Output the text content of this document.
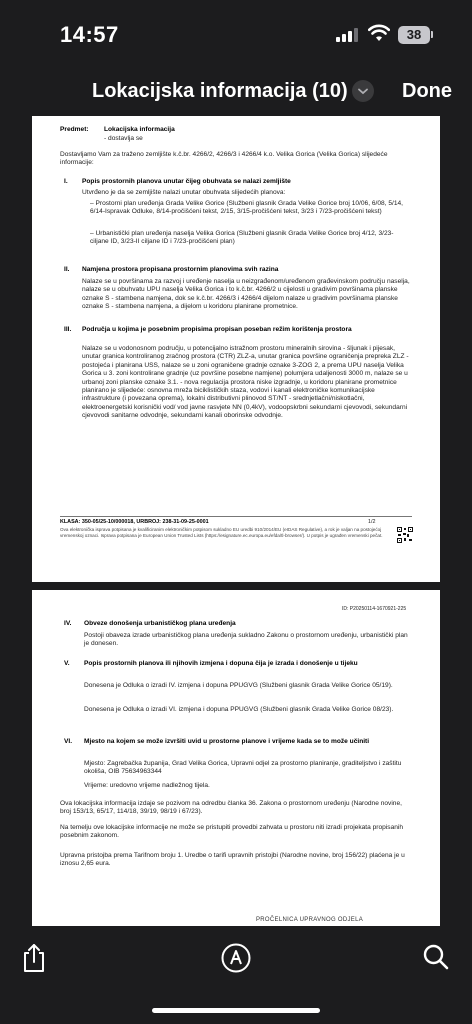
14:57	38
Lokacijska informacija (10)	Done
Predmet:	Lokacijska informacija
- dostavlja se
Dostavljamo Vam za traženo zemljište k.č.br. 4266/2, 4266/3 i 4266/4 k.o. Velika Gorica (Velika Gorica) slijedeće informacije:
I. Popis prostornih planova unutar čijeg obuhvata se nalazi zemljište
Utvrđeno je da se zemljište nalazi unutar obuhvata slijedećih planova:
– Prostorni plan uređenja Grada Velike Gorice (Službeni glasnik Grada Velike Gorice broj 10/06, 6/08, 5/14, 6/14-Ispravak Odluke, 8/14-pročišćeni tekst, 2/15, 3/15-pročišćeni tekst, 3/23 i 7/23-pročišćeni tekst)
– Urbanistički plan uređenja naselja Velika Gorica (Službeni glasnik Grada Velike Gorice broj 4/12, 3/23-ciljane ID, 3/23-II ciljane ID i 7/23-pročišćeni plan)
II. Namjena prostora propisana prostornim planovima svih razina
Nalaze se u površinama za razvoj i uređenje naselja u neizgrađenom/uređenom građevinskom području naselja, nalaze se u obuhvatu UPU naselja Velika Gorica i to k.č.br. 4266/2 u cijelosti u gradivim površinama planske oznake S - stambena namjena, dok se k.č.br. 4266/3 i 4266/4 dijelom nalaze u gradivim površinama planske oznake S - stambena namjena, a dijelom u koridoru planirane prometnice.
III. Područja u kojima je posebnim propisima propisan poseban režim korištenja prostora
Nalaze se u vodonosnom području, u potencijalno istražnom prostoru mineralnih sirovina - šljunak i pijesak, unutar granica kontroliranog zračnog prostora (CTR) ZLZ-a, unutar granica površine ograničenja prepreka ZLZ - postojeća i planirana USS, nalaze se u zoni ograničene gradnje oznake 3-ZOG 2, a prema UPU naselja Velika Gorica u 3. zoni kontrolirane gradnje (uz površine posebne namjene) polumjera udaljenosti 3000 m, nalaze se u urbanoj zoni planske oznake 3.1. - nova regulacija prostora niske izgradnje, u koridoru planirane prometnice planirano je slijedeće: osnovna mreža biciklističkih staza, vodovi i kanali elektroničke komunikacijske infrastrukture (i povezana oprema), lokalni distributivni plinovod ST/NT - srednjetlačni/niskotlačni, elektroenergetski korisnički vod/ vod javne rasvjete NN (0,4kV), vodoopskrbni sekundarni cjevovodi, sekundarni cjevovodi sanitarne odvodnje, sekundarni kanali oborinske odvodnje.
KLASA: 350-05/25-10/000018, URBROJ: 238-31-09-25-0001	1/2
Ova elektronička isprava potpisana je kvalificiranim elektroničkim potpisom sukladno EU uredbi 910/2014/EU (eIDAS Regulative), a rok je valjan na postojećoj vremenskoj oznaci. Isprava potpisana je European Union Trusted Lists (https://esignature.ec.europa.eu/efda/tl-browser/). U potpis je ugrađen vremenski pečat.
ID: P20250114-1670921-225
IV. Obveze donošenja urbanističkog plana uređenja
Postoji obaveza izrade urbanističkog plana uređenja sukladno Zakonu o prostornom uređenju, urbanistički plan je donesen.
V. Popis prostornih planova ili njihovih izmjena i dopuna čija je izrada i donošenje u tijeku
Donesena je Odluka o izradi IV. izmjena i dopuna PPUGVG (Službeni glasnik Grada Velike Gorice 05/19).
Donesena je Odluka o izradi VI. izmjena i dopuna PPUGVG (Službeni glasnik Grada Velike Gorice 08/23).
VI. Mjesto na kojem se može izvršiti uvid u prostorne planove i vrijeme kada se to može učiniti
Mjesto: Zagrebačka županija, Grad Velika Gorica, Upravni odjel za prostorno planiranje, graditeljstvo i zaštitu okoliša, OIB 75634963344
Vrijeme: uredovno vrijeme nadležnog tijela.
Ova lokacijska informacija izdaje se pozivom na odredbu članka 36. Zakona o prostornom uređenju (Narodne novine, broj 153/13, 65/17, 114/18, 39/19, 98/19 i 67/23).
Na temelju ove lokacijske informacije ne može se pristupiti provedbi zahvata u prostoru niti izradi projekata propisanih posebnim zakonom.
Upravna pristojba prema Tarifnom broju 1. Uredbe o tarifi upravnih pristojbi (Narodne novine, broj 156/22) plaćena je u iznosu 2,65 eura.
PROČELNICA UPRAVNOG ODJELA
